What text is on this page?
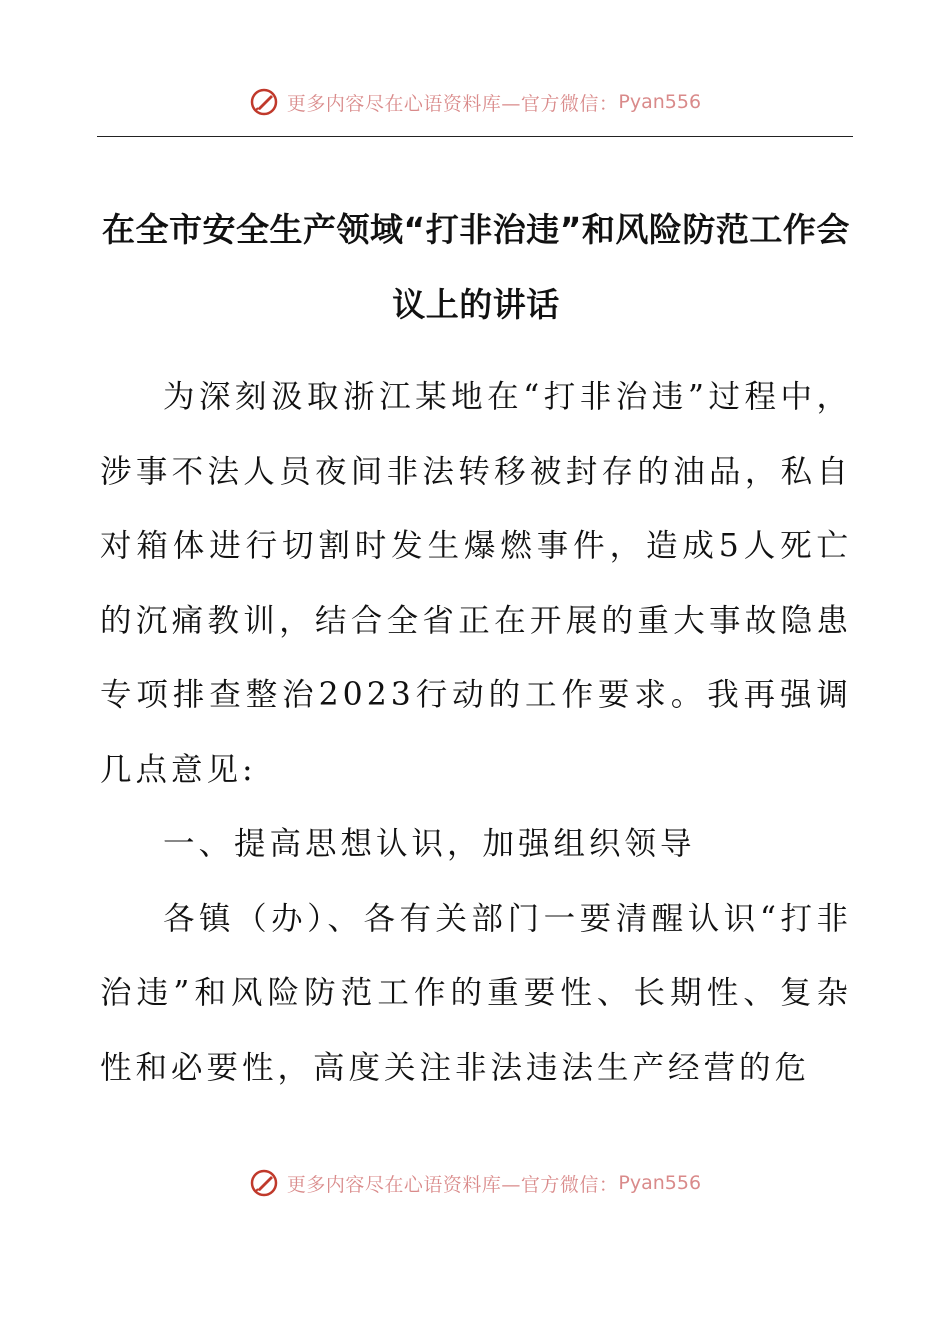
更多内容尽在心语资料库—官方微信： Pyan556
在全市安全生产领域“打非治违”和风险防范工作会议上的讲话

为深刻汲取浙江某地在“打非治违”过程中，涉事不法人员夜间非法转移被封存的油品，私自对箱体进行切割时发生爆燃事件，造成5人死亡的沉痛教训，结合全省正在开展的重大事故隐患专项排查整治2023行动的工作要求。我再强调几点意见:

一、提高思想认识，加强组织领导

各镇（办）、各有关部门一要清醒认识“打非治违”和风险防范工作的重要性、长期性、复杂性和必要性，高度关注非法违法生产经营的危

更多内容尽在心语资料库—官方微信： Pyan556
